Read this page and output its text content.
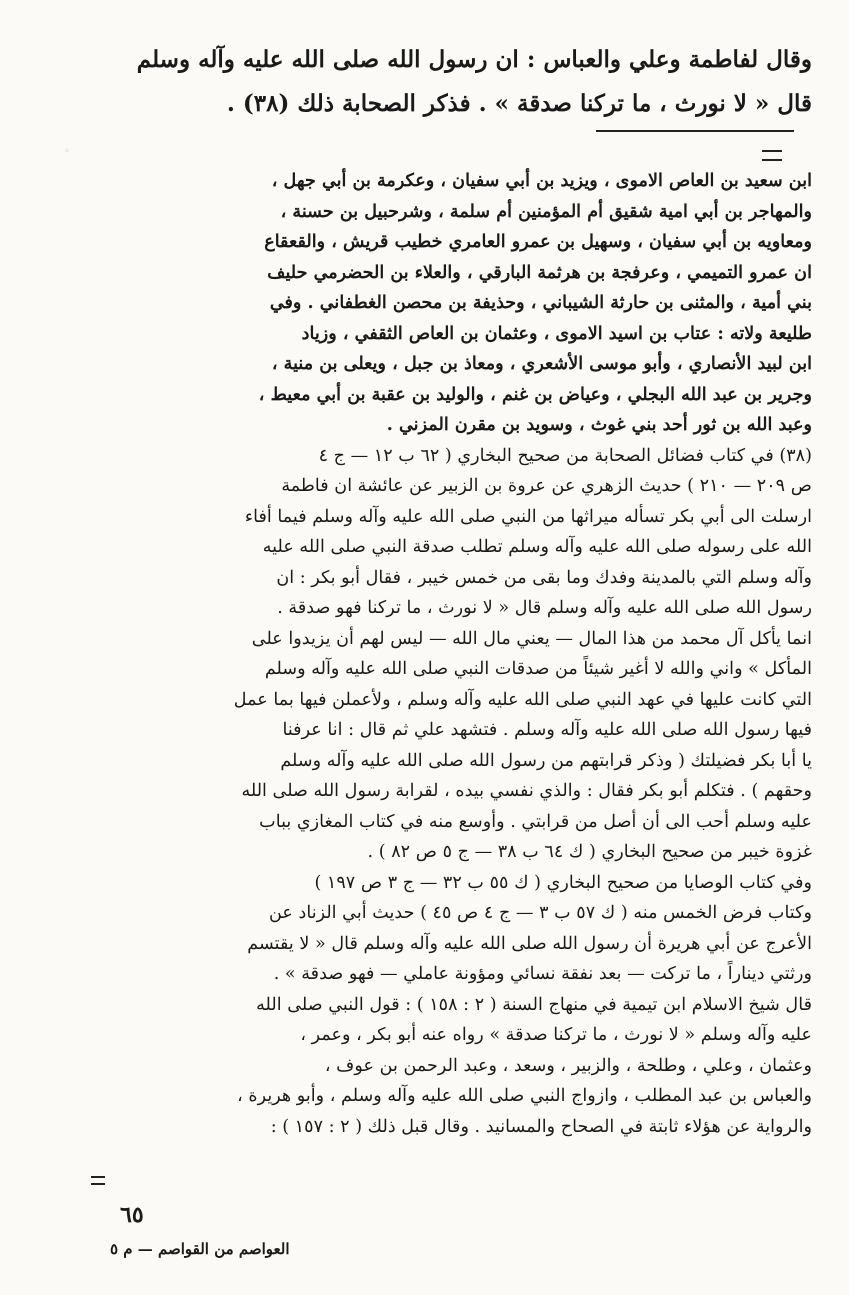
◦
وقال لفاطمة وعلي والعباس : ان رسول الله صلى الله عليه وآله وسلم
قال « لا نورث ، ما تركنا صدقة » . فذكر الصحابة ذلك (٣٨) .

ابن سعيد بن العاص الاموى ، ويزيد بن أبي سفيان ، وعكرمة بن أبي جهل ،
والمهاجر بن أبي امية شقيق أم المؤمنين أم سلمة ، وشرحبيل بن حسنة ،
ومعاويه بن أبي سفيان ، وسهيل بن عمرو العامري خطيب قريش ، والقعقاع
ان عمرو التميمي ، وعرفجة بن هرثمة البارقي ، والعلاء بن الحضرمي حليف
بني أمية ، والمثنى بن حارثة الشيباني ، وحذيفة بن محصن الغطفاني . وفي
طليعة ولاته : عتاب بن اسيد الاموى ، وعثمان بن العاص الثقفي ، وزياد
ابن لبيد الأنصاري ، وأبو موسى الأشعري ، ومعاذ بن جبل ، ويعلى بن منية ،
وجرير بن عبد الله البجلي ، وعياض بن غنم ، والوليد بن عقبة بن أبي معيط ،
وعبد الله بن ثور أحد بني غوث ، وسويد بن مقرن المزني .

(٣٨) في كتاب فضائل الصحابة من صحيح البخاري ( ٦٢ ب ١٢ — ج ٤
ص ٢٠٩ — ٢١٠ ) حديث الزهري عن عروة بن الزبير عن عائشة ان فاطمة
ارسلت الى أبي بكر تسأله ميراثها من النبي صلى الله عليه وآله وسلم فيما أفاء
الله على رسوله صلى الله عليه وآله وسلم تطلب صدقة النبي صلى الله عليه
وآله وسلم التي بالمدينة وفدك وما بقى من خمس خيبر ، فقال أبو بكر : ان
رسول الله صلى الله عليه وآله وسلم قال « لا نورث ، ما تركنا فهو صدقة .
انما يأكل آل محمد من هذا المال — يعني مال الله — ليس لهم أن يزيدوا على
المأكل » واني والله لا أغير شيئاً من صدقات النبي صلى الله عليه وآله وسلم
التي كانت عليها في عهد النبي صلى الله عليه وآله وسلم ، ولأعملن فيها بما عمل
فيها رسول الله صلى الله عليه وآله وسلم . فتشهد علي ثم قال : انا عرفنا
يا أبا بكر فضيلتك ( وذكر قرابتهم من رسول الله صلى الله عليه وآله وسلم
وحقهم ) . فتكلم أبو بكر فقال : والذي نفسي بيده ، لقرابة رسول الله صلى الله
عليه وسلم أحب الى أن أصل من قرابتي . وأوسع منه في كتاب المغازي بباب
غزوة خيبر من صحيح البخاري ( ك ٦٤ ب ٣٨ — ج ٥ ص ٨٢ ) .
وفي كتاب الوصايا من صحيح البخاري ( ك ٥٥ ب ٣٢ — ج ٣ ص ١٩٧ )
وكتاب فرض الخمس منه ( ك ٥٧ ب ٣ — ج ٤ ص ٤٥ ) حديث أبي الزناد عن
الأعرج عن أبي هريرة أن رسول الله صلى الله عليه وآله وسلم قال « لا يقتسم
ورثتي ديناراً ، ما تركت — بعد نفقة نسائي ومؤونة عاملي — فهو صدقة » .
قال شيخ الاسلام ابن تيمية في منهاج السنة ( ٢ : ١٥٨ ) : قول النبي صلى الله
عليه وآله وسلم « لا نورث ، ما تركنا صدقة » رواه عنه أبو بكر ، وعمر ،
وعثمان ، وعلي ، وطلحة ، والزبير ، وسعد ، وعبد الرحمن بن عوف ،
والعباس بن عبد المطلب ، وازواج النبي صلى الله عليه وآله وسلم ، وأبو هريرة ،
والرواية عن هؤلاء ثابتة في الصحاح والمسانيد . وقال قبل ذلك ( ٢ : ١٥٧ ) :

٦٥
العواصم من القواصم — م ٥
